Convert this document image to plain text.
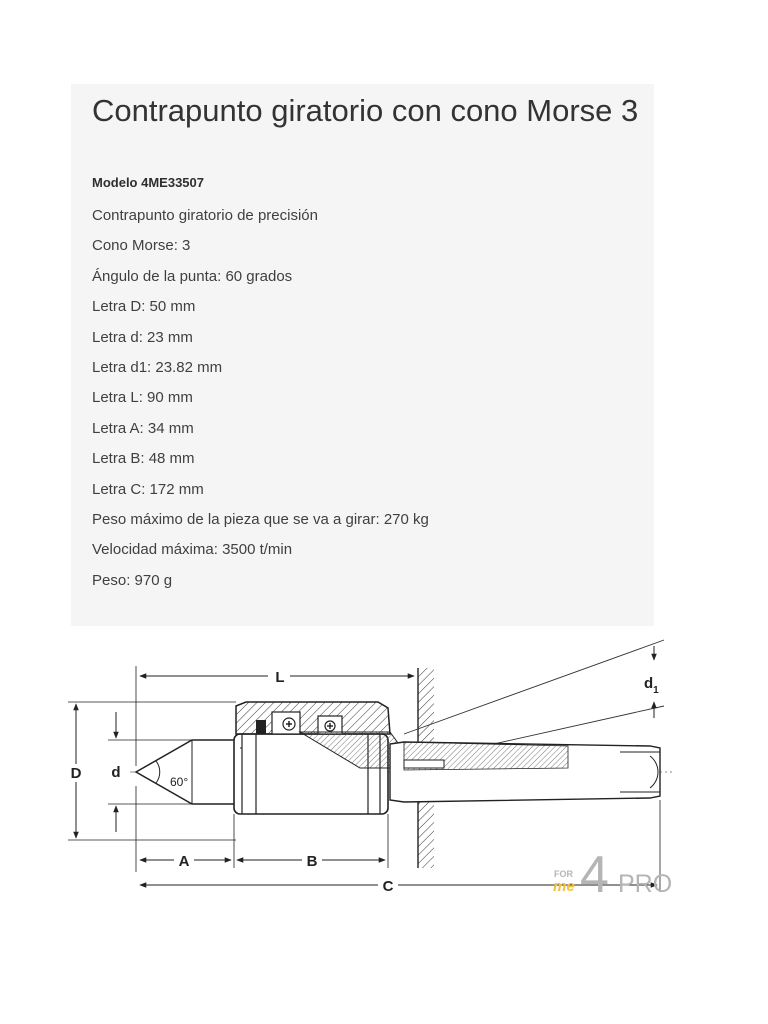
Contrapunto giratorio con cono Morse 3

Modelo 4ME33507

Contrapunto giratorio de precisión
Cono Morse: 3
Ángulo de la punta: 60 grados
Letra D: 50 mm
Letra d: 23 mm
Letra d1: 23.82 mm
Letra L: 90 mm
Letra A: 34 mm
Letra B: 48 mm
Letra C: 172 mm
Peso máximo de la pieza que se va a girar: 270 kg
Velocidad máxima: 3500 t/min
Peso: 970 g
L
D d
60°
$d_1$
A	B
C
FOR
me 4 PRO
